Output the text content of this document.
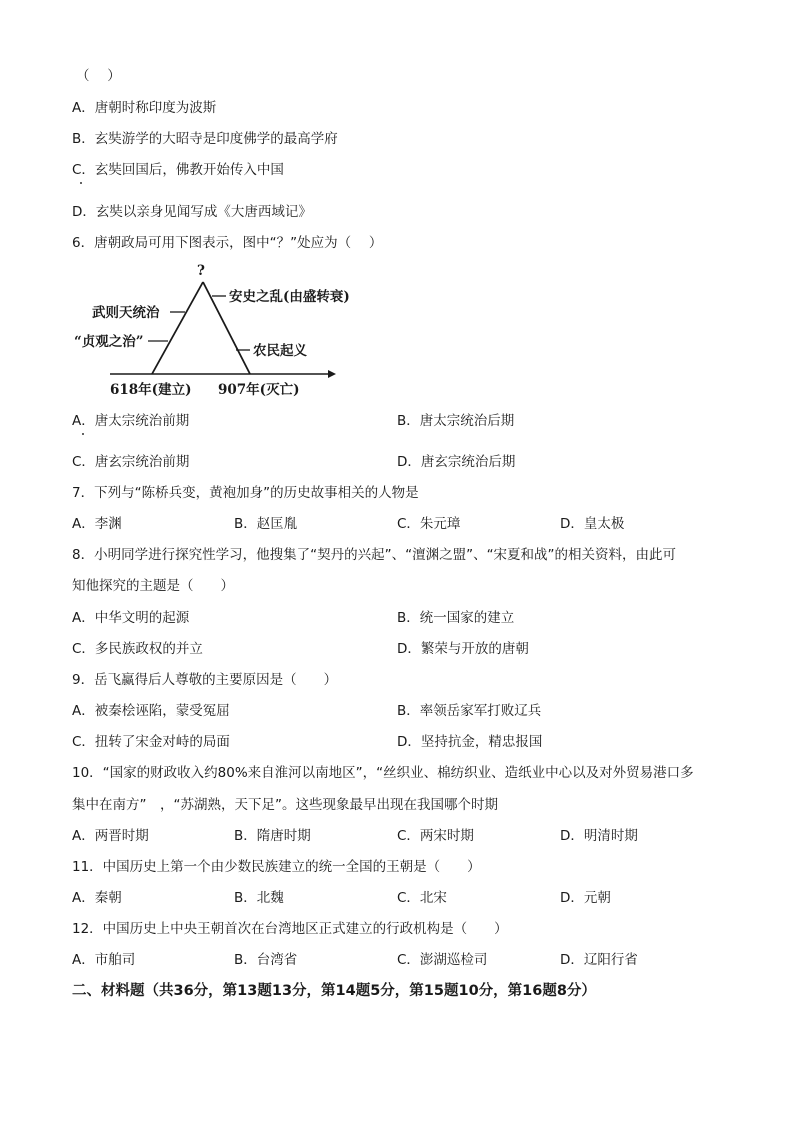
（　 ）
A．唐朝时称印度为波斯
B．玄奘游学的大昭寺是印度佛学的最高学府
C．玄奘回国后，佛教开始传入中国
D．玄奘以亲身见闻写成《大唐西域记》
6．唐朝政局可用下图表示，图中“？”处应为（　 ）
?
武则天统治
“贞观之治”
安史之乱(由盛转衰)
农民起义
618年(建立) 907年(灭亡)
A．唐太宗统治前期	B．唐太宗统治后期
C．唐玄宗统治前期	D．唐玄宗统治后期
7．下列与“陈桥兵变，黄袍加身”的历史故事相关的人物是
A．李渊	B．赵匡胤	C．朱元璋	D．皇太极
8．小明同学进行探究性学习，他搜集了“契丹的兴起”、“澶渊之盟”、“宋夏和战”的相关资料，由此可
知他探究的主题是（　　）
A．中华文明的起源	B．统一国家的建立
C．多民族政权的并立	D．繁荣与开放的唐朝
9．岳飞赢得后人尊敬的主要原因是（　　）
A．被秦桧诬陷，蒙受冤屈	B．率领岳家军打败辽兵
C．扭转了宋金对峙的局面	D．坚持抗金，精忠报国
10．“国家的财政收入约80%来自淮河以南地区”，“丝织业、棉纺织业、造纸业中心以及对外贸易港口多
集中在南方”　，“苏湖熟，天下足”。这些现象最早出现在我国哪个时期
A．两晋时期	B．隋唐时期	C．两宋时期	D．明清时期
11．中国历史上第一个由少数民族建立的统一全国的王朝是（　　）
A．秦朝	B．北魏	C．北宋	D．元朝
12．中国历史上中央王朝首次在台湾地区正式建立的行政机构是（　　）
A．市舶司	B．台湾省	C．澎湖巡检司	D．辽阳行省
二、材料题（共36分，第13题13分，第14题5分，第15题10分，第16题8分）
